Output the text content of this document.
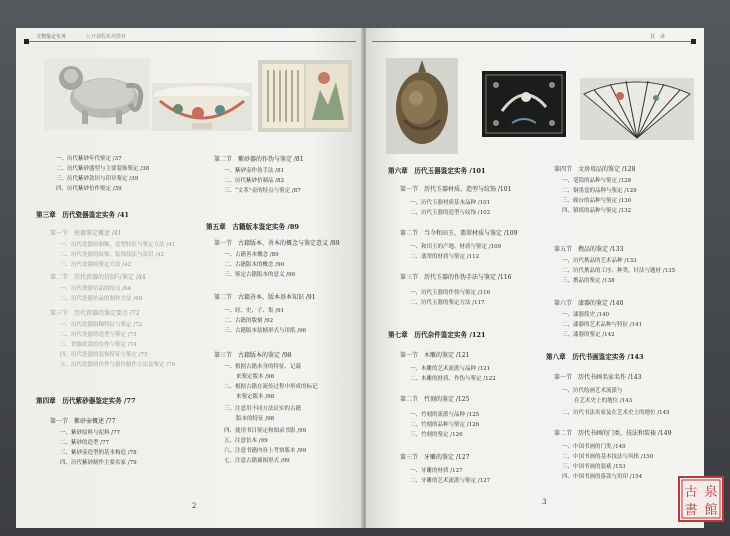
文物鉴定实务	公开课程系列教材
一、历代紫砂年代鉴定 /37
二、历代紫砂器型与主要装饰鉴定 /38
三、历代紫砂款识与印章鉴定 /39
四、历代紫砂仿作鉴定 /39
第三章　历代瓷器鉴定实务 /41
第一节　瓷器鉴定概述 /41
一、历代瓷器的胎釉、造型特征与鉴定方法 /41
二、历代瓷器的纹饰、装饰技法与款识 /42
三、历代瓷器的鉴定方法 /42
第二节　历代瓷器的仿制与鉴定 /44
一、历代瓷器仿品的特点 /64
二、历代瓷器仿品的制作方法 /68
第三节　历代瓷器的鉴定要点 /72
一、历代瓷器胎釉特征与鉴定 /72
二、历代瓷器的造型与鉴定 /73
三、瓷器底款的仿作与鉴定 /74
四、历代瓷器的装饰特征与鉴定 /75
五、历代瓷器的仿作与新仿制作方法及鉴定 /76
第四章　历代紫砂器鉴定实务 /77
第一节　紫砂壶概述 /77
一、紫砂原料与泥料 /77
二、紫砂的造型 /77
三、紫砂壶造型的基本构造 /78
四、历代紫砂制作主要名家 /79
第二节　紫砂器的作伪与鉴定 /81
一、紫砂壶作伪手法 /81
二、历代紫砂仿制品 /82
三、“文革”壶的特点与鉴定 /87
第五章　古籍版本鉴定实务 /89
第一节　古籍版本、善本的概念与鉴定意义 /89
一、古籍善本概念 /89
二、古籍版本的概念 /90
三、鉴定古籍版本的意义 /90
第二节　古籍善本、版本基本知识 /91
一、经、史、子、集 /91
二、古籍的版刻 /92
三、古籍版本装帧形式与用纸 /96
第三节　古籍版本的鉴定 /98
一、根据古籍本身的特征、记载
来鉴定版本 /98
二、根据古籍在流传过程中形成的标记
来鉴定版本 /98
三、注意用不同方法证实的古籍
版本的特征 /98
四、使用书目鉴定和图录书影 /99
五、注意仿本 /99
六、注意书籍内容上考察版本 /99
七、注意古籍插图形式 /99
2
目　录
第六章　历代玉器鉴定实务 /101
第一节　历代玉器材质、造型与纹饰 /101
一、历代玉器材质基本品种 /101
二、历代玉器的造型与纹饰 /102
第二节　当今和田玉、翡翠材质与鉴定 /109
一、和田玉的产地、材质与鉴定 /109
二、翡翠的材质与鉴定 /112
第三节　历代玉器的作伪手法与鉴定 /116
一、历代玉器的作伪与鉴定 /116
二、历代玉器的鉴定方法 /117
第七章　历代杂件鉴定实务 /121
第一节　木雕的鉴定 /121
一、木雕的艺术流派与品种 /121
二、木雕的材质、作伪与鉴定 /122
第二节　竹刻的鉴定 /125
一、竹刻的流派与品种 /125
二、竹刻的品种与鉴定 /126
三、竹刻的鉴定 /126
第三节　牙雕的鉴定 /127
一、牙雕的材质 /127
二、牙雕的艺术流派与鉴定 /127
第四节　文房用品的鉴定 /128
一、笔筒的品种与鉴定 /128
二、铜墨盒的品种与鉴定 /129
三、砚台的品种与鉴定 /130
四、镇纸的品种与鉴定 /132
第五节　携品的鉴定 /133
一、历代携品的艺术品种 /133
二、历代携品的工序、种类、针法与题材 /135
三、携品的鉴定 /138
第六节　漆器的鉴定 /140
一、漆器简史 /140
二、漆器的艺术品种与特征 /141
三、漆器的鉴定 /142
第八章　历代书画鉴定实务 /143
第一节　历代书画名家名作 /143
一、历代绘画艺术流派与
在艺术史上的地位 /143
二、历代书法名家及在艺术史上的地位 /145
第二节　历代书画的门类、技法和装裱 /149
一、中国书画的门类 /149
二、中国书画的基本技法与风格 /150
三、中国书画的装裱 /153
四、中国书画的落款与用印 /154
3
古 泉
書 館
